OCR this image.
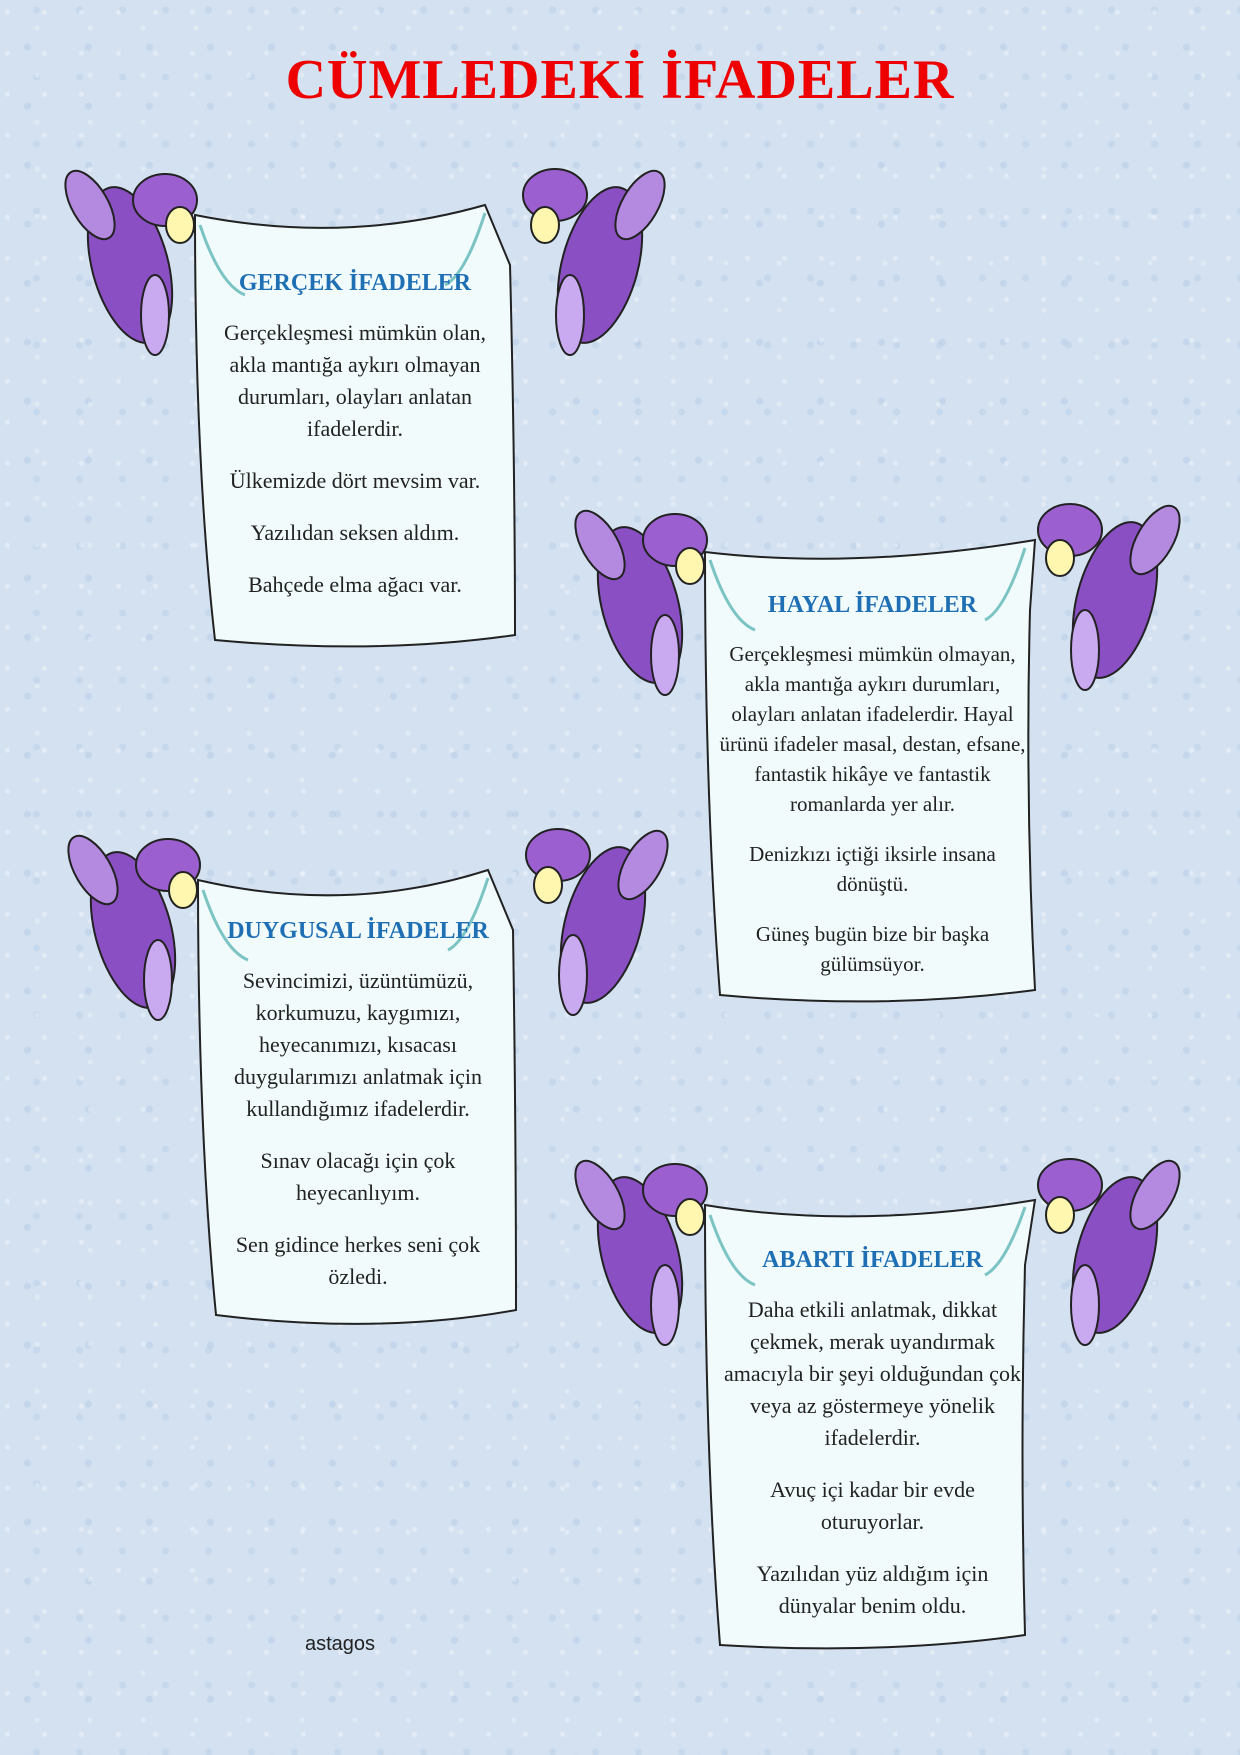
CÜMLEDEKİ İFADELER
GERÇEK İFADELER
Gerçekleşmesi mümkün olan, akla mantığa aykırı olmayan durumları, olayları anlatan ifadelerdir.
Ülkemizde dört mevsim var.
Yazılıdan seksen aldım.
Bahçede elma ağacı var.
HAYAL İFADELER
Gerçekleşmesi mümkün olmayan, akla mantığa aykırı durumları, olayları anlatan ifadelerdir. Hayal ürünü ifadeler masal, destan, efsane, fantastik hikâye ve fantastik romanlarda yer alır.
Denizkızı içtiği iksirle insana dönüştü.
Güneş bugün bize bir başka gülümsüyor.
DUYGUSAL İFADELER
Sevincimizi, üzüntümüzü, korkumuzu, kaygımızı, heyecanımızı, kısacası duygularımızı anlatmak için kullandığımız ifadelerdir.
Sınav olacağı için çok heyecanlıyım.
Sen gidince herkes seni çok özledi.
ABARTI İFADELER
Daha etkili anlatmak, dikkat çekmek, merak uyandırmak amacıyla bir şeyi olduğundan çok veya az göstermeye yönelik ifadelerdir.
Avuç içi kadar bir evde oturuyorlar.
Yazılıdan yüz aldığım için dünyalar benim oldu.
astagos
